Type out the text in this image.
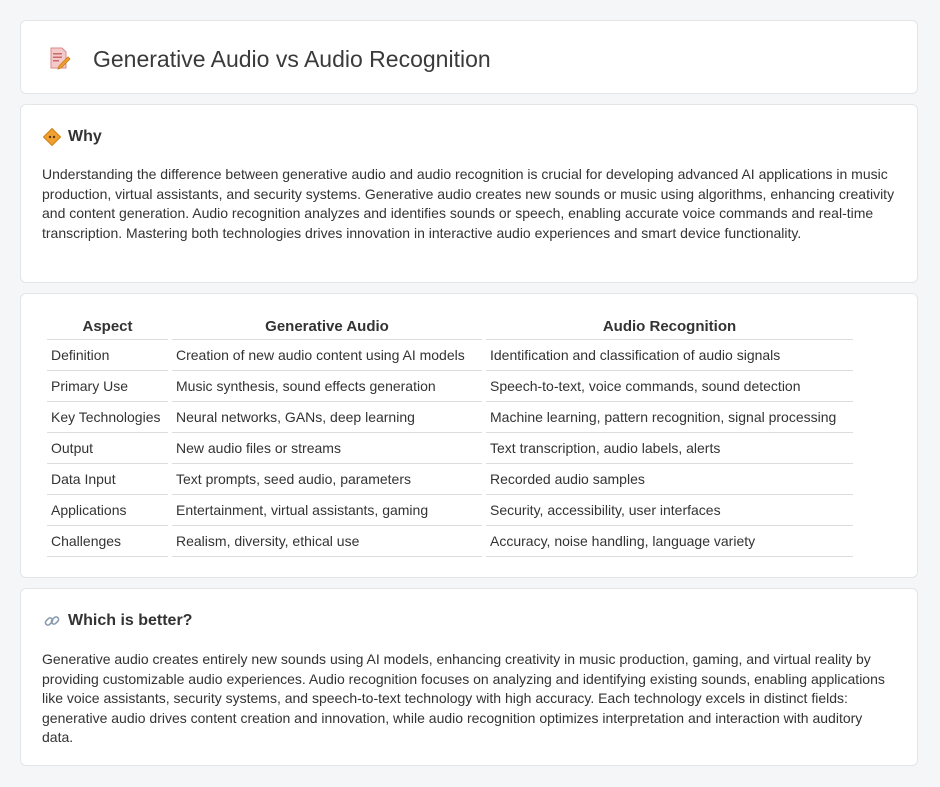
Generative Audio vs Audio Recognition
Why

Understanding the difference between generative audio and audio recognition is crucial for developing advanced AI applications in music production, virtual assistants, and security systems. Generative audio creates new sounds or music using algorithms, enhancing creativity and content generation. Audio recognition analyzes and identifies sounds or speech, enabling accurate voice commands and real-time transcription. Mastering both technologies drives innovation in interactive audio experiences and smart device functionality.

Aspect	Generative Audio	Audio Recognition
Definition	Creation of new audio content using AI models	Identification and classification of audio signals
Primary Use	Music synthesis, sound effects generation	Speech-to-text, voice commands, sound detection
Key Technologies	Neural networks, GANs, deep learning	Machine learning, pattern recognition, signal processing
Output	New audio files or streams	Text transcription, audio labels, alerts
Data Input	Text prompts, seed audio, parameters	Recorded audio samples
Applications	Entertainment, virtual assistants, gaming	Security, accessibility, user interfaces
Challenges	Realism, diversity, ethical use	Accuracy, noise handling, language variety
Which is better?

Generative audio creates entirely new sounds using AI models, enhancing creativity in music production, gaming, and virtual reality by providing customizable audio experiences. Audio recognition focuses on analyzing and identifying existing sounds, enabling applications like voice assistants, security systems, and speech-to-text technology with high accuracy. Each technology excels in distinct fields: generative audio drives content creation and innovation, while audio recognition optimizes interpretation and interaction with auditory data.
